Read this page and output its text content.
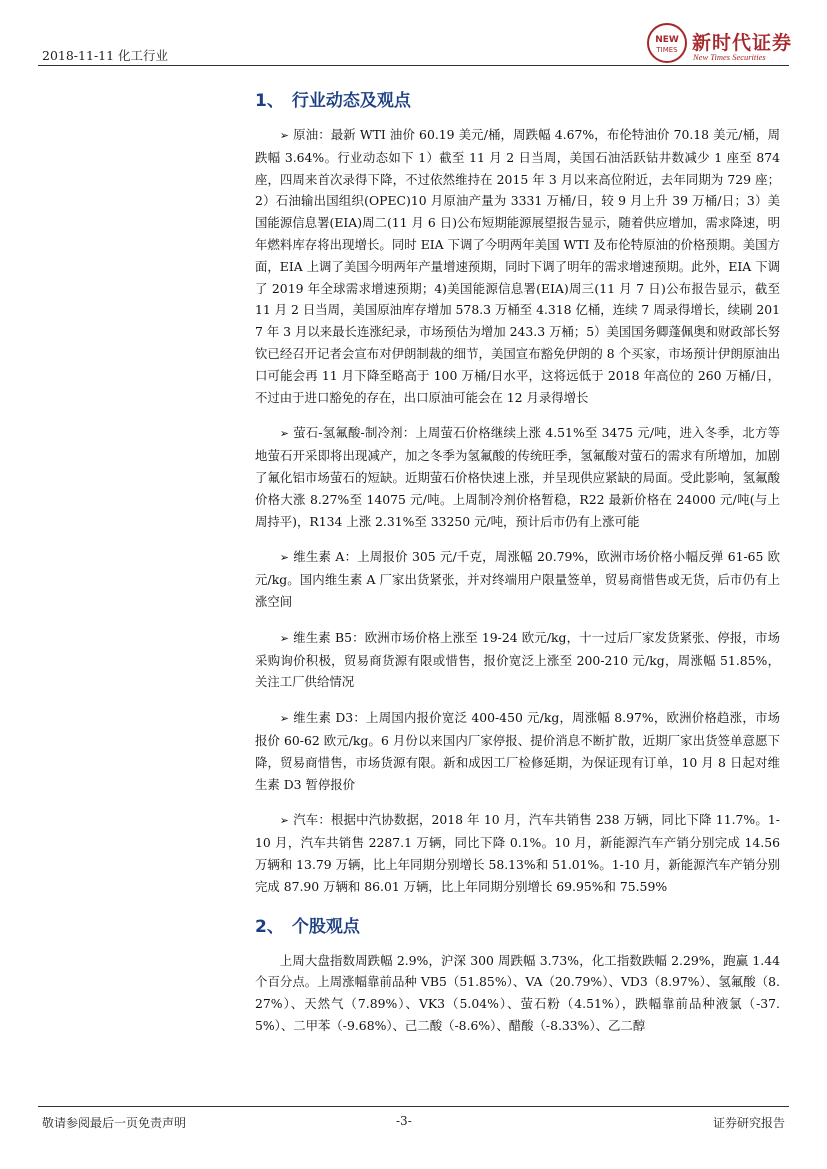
2018-11-11 化工行业
NEW
TIMES 新时代证券
New Times Securities
1、 行业动态及观点

➢ 原油：最新 WTI 油价 60.19 美元/桶，周跌幅 4.67%，布伦特油价 70.18 美元/桶，周跌幅 3.64%。行业动态如下 1）截至 11 月 2 日当周，美国石油活跃钻井数减少 1 座至 874 座，四周来首次录得下降，不过依然维持在 2015 年 3 月以来高位附近，去年同期为 729 座；2）石油输出国组织(OPEC)10 月原油产量为 3331 万桶/日，较 9 月上升 39 万桶/日；3）美国能源信息署(EIA)周二(11 月 6 日)公布短期能源展望报告显示，随着供应增加，需求降速，明年燃料库存将出现增长。同时 EIA 下调了今明两年美国 WTI 及布伦特原油的价格预期。美国方面，EIA 上调了美国今明两年产量增速预期，同时下调了明年的需求增速预期。此外，EIA 下调了 2019 年全球需求增速预期；4)美国能源信息署(EIA)周三(11 月 7 日)公布报告显示，截至 11 月 2 日当周，美国原油库存增加 578.3 万桶至 4.318 亿桶，连续 7 周录得增长，续刷 2017 年 3 月以来最长连涨纪录，市场预估为增加 243.3 万桶；5）美国国务卿蓬佩奥和财政部长努钦已经召开记者会宣布对伊朗制裁的细节，美国宣布豁免伊朗的 8 个买家，市场预计伊朗原油出口可能会再 11 月下降至略高于 100 万桶/日水平，这将远低于 2018 年高位的 260 万桶/日，不过由于进口豁免的存在，出口原油可能会在 12 月录得增长

➢ 萤石-氢氟酸-制冷剂：上周萤石价格继续上涨 4.51%至 3475 元/吨，进入冬季，北方等地萤石开采即将出现减产，加之冬季为氢氟酸的传统旺季，氢氟酸对萤石的需求有所增加，加剧了氟化铝市场萤石的短缺。近期萤石价格快速上涨，并呈现供应紧缺的局面。受此影响，氢氟酸价格大涨 8.27%至 14075 元/吨。上周制冷剂价格暂稳，R22 最新价格在 24000 元/吨(与上周持平)，R134 上涨 2.31%至 33250 元/吨，预计后市仍有上涨可能

➢ 维生素 A：上周报价 305 元/千克，周涨幅 20.79%，欧洲市场价格小幅反弹 61-65 欧元/kg。国内维生素 A 厂家出货紧张，并对终端用户限量签单，贸易商惜售或无货，后市仍有上涨空间

➢ 维生素 B5：欧洲市场价格上涨至 19-24 欧元/kg，十一过后厂家发货紧张、停报，市场采购询价积极，贸易商货源有限或惜售，报价宽泛上涨至 200-210 元/kg，周涨幅 51.85%，关注工厂供给情况

➢ 维生素 D3：上周国内报价宽泛 400-450 元/kg，周涨幅 8.97%，欧洲价格趋涨，市场报价 60-62 欧元/kg。6 月份以来国内厂家停报、提价消息不断扩散，近期厂家出货签单意愿下降，贸易商惜售，市场货源有限。新和成因工厂检修延期，为保证现有订单，10 月 8 日起对维生素 D3 暂停报价

➢ 汽车：根据中汽协数据，2018 年 10 月，汽车共销售 238 万辆，同比下降 11.7%。1-10 月，汽车共销售 2287.1 万辆，同比下降 0.1%。10 月，新能源汽车产销分别完成 14.56 万辆和 13.79 万辆，比上年同期分别增长 58.13%和 51.01%。1-10 月，新能源汽车产销分别完成 87.90 万辆和 86.01 万辆，比上年同期分别增长 69.95%和 75.59%

2、 个股观点

上周大盘指数周跌幅 2.9%，沪深 300 周跌幅 3.73%，化工指数跌幅 2.29%，跑赢 1.44 个百分点。上周涨幅靠前品种 VB5（51.85%）、VA（20.79%）、VD3（8.97%）、氢氟酸（8.27%）、天然气（7.89%）、VK3（5.04%）、萤石粉（4.51%），跌幅靠前品种液氯（-37.5%）、二甲苯（-9.68%）、己二酸（-8.6%）、醋酸（-8.33%）、乙二醇

敬请参阅最后一页免责声明	-3-	证券研究报告
